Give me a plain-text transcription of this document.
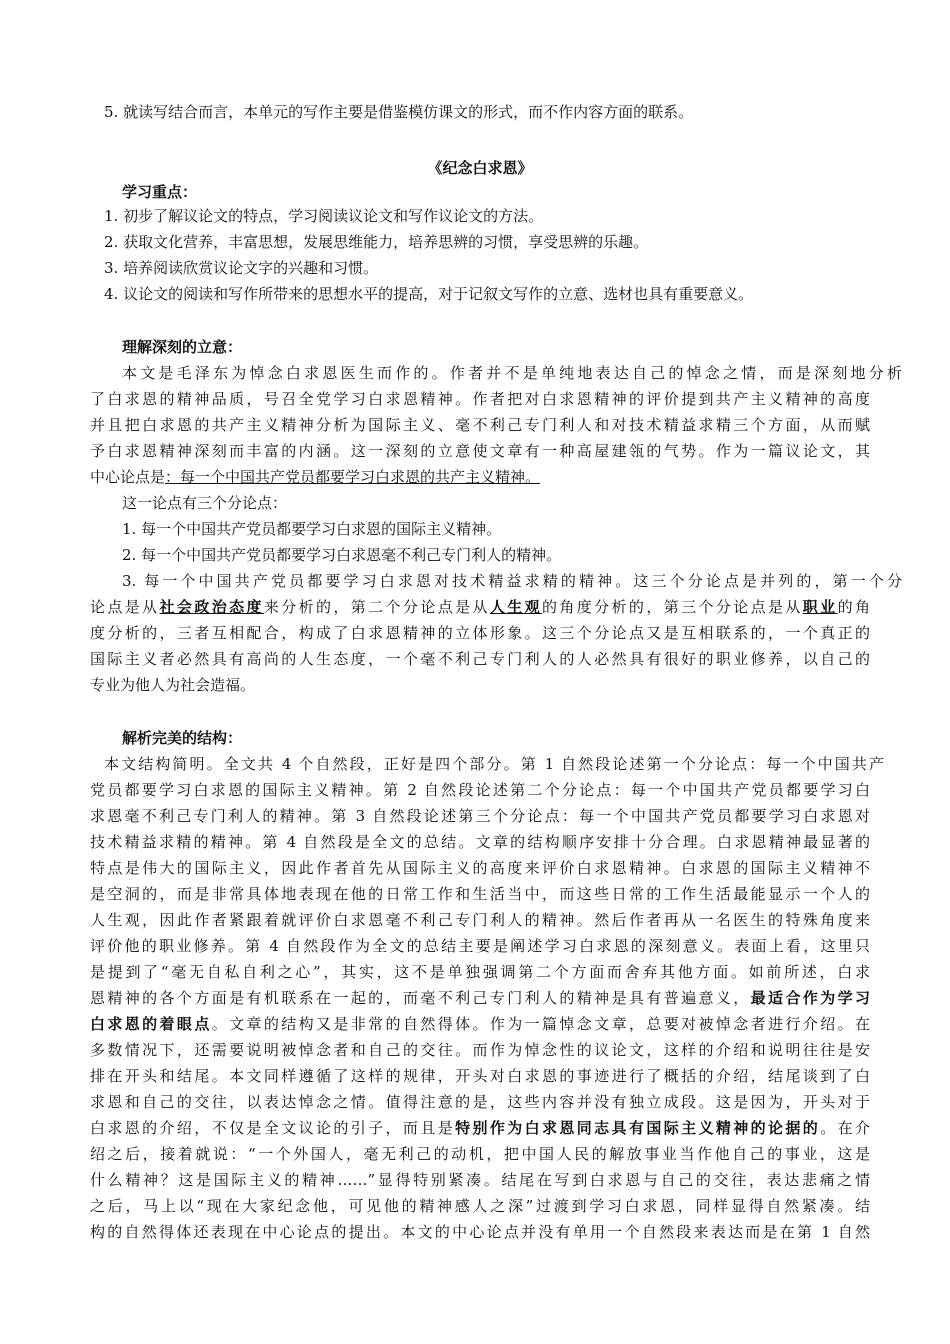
5. 就读写结合而言，本单元的写作主要是借鉴模仿课文的形式，而不作内容方面的联系。
《纪念白求恩》
学习重点：
1. 初步了解议论文的特点，学习阅读议论文和写作议论文的方法。
2. 获取文化营养，丰富思想，发展思维能力，培养思辨的习惯，享受思辨的乐趣。
3. 培养阅读欣赏议论文字的兴趣和习惯。
4. 议论文的阅读和写作所带来的思想水平的提高，对于记叙文写作的立意、选材也具有重要意义。
理解深刻的立意：
本文是毛泽东为悼念白求恩医生而作的。作者并不是单纯地表达自己的悼念之情，而是深刻地分析
了白求恩的精神品质，号召全党学习白求恩精神。作者把对白求恩精神的评价提到共产主义精神的高度
并且把白求恩的共产主义精神分析为国际主义、毫不利己专门利人和对技术精益求精三个方面，从而赋
予白求恩精神深刻而丰富的内涵。这一深刻的立意使文章有一种高屋建瓴的气势。作为一篇议论文，其
中心论点是：每一个中国共产党员都要学习白求恩的共产主义精神。
这一论点有三个分论点：
1. 每一个中国共产党员都要学习白求恩的国际主义精神。
2. 每一个中国共产党员都要学习白求恩毫不利己专门利人的精神。
3. 每一个中国共产党员都要学习白求恩对技术精益求精的精神。这三个分论点是并列的，第一个分
论点是从社会政治态度来分析的，第二个分论点是从人生观的角度分析的，第三个分论点是从职业的角
度分析的，三者互相配合，构成了白求恩精神的立体形象。这三个分论点又是互相联系的，一个真正的
国际主义者必然具有高尚的人生态度，一个毫不利己专门利人的人必然具有很好的职业修养，以自己的
专业为他人为社会造福。
解析完美的结构：
本文结构简明。全文共 4 个自然段，正好是四个部分。第 1 自然段论述第一个分论点：每一个中国共产
党员都要学习白求恩的国际主义精神。第 2 自然段论述第二个分论点：每一个中国共产党员都要学习白
求恩毫不利己专门利人的精神。第 3 自然段论述第三个分论点：每一个中国共产党员都要学习白求恩对
技术精益求精的精神。第 4 自然段是全文的总结。文章的结构顺序安排十分合理。白求恩精神最显著的
特点是伟大的国际主义，因此作者首先从国际主义的高度来评价白求恩精神。白求恩的国际主义精神不
是空洞的，而是非常具体地表现在他的日常工作和生活当中，而这些日常的工作生活最能显示一个人的
人生观，因此作者紧跟着就评价白求恩毫不利己专门利人的精神。然后作者再从一名医生的特殊角度来
评价他的职业修养。第 4 自然段作为全文的总结主要是阐述学习白求恩的深刻意义。表面上看，这里只
是提到了“毫无自私自利之心”，其实，这不是单独强调第二个方面而舍弃其他方面。如前所述，白求
恩精神的各个方面是有机联系在一起的，而毫不利己专门利人的精神是具有普遍意义，最适合作为学习
白求恩的着眼点。文章的结构又是非常的自然得体。作为一篇悼念文章，总要对被悼念者进行介绍。在
多数情况下，还需要说明被悼念者和自己的交往。而作为悼念性的议论文，这样的介绍和说明往往是安
排在开头和结尾。本文同样遵循了这样的规律，开头对白求恩的事迹进行了概括的介绍，结尾谈到了白
求恩和自己的交往，以表达悼念之情。值得注意的是，这些内容并没有独立成段。这是因为，开头对于
白求恩的介绍，不仅是全文议论的引子，而且是特别作为白求恩同志具有国际主义精神的论据的。在介
绍之后，接着就说：“一个外国人，毫无利己的动机，把中国人民的解放事业当作他自己的事业，这是
什么精神？这是国际主义的精神……”显得特别紧凑。结尾在写到白求恩与自己的交往，表达悲痛之情
之后，马上以“现在大家纪念他，可见他的精神感人之深”过渡到学习白求恩，同样显得自然紧凑。结
构的自然得体还表现在中心论点的提出。本文的中心论点并没有单用一个自然段来表达而是在第 1 自然
